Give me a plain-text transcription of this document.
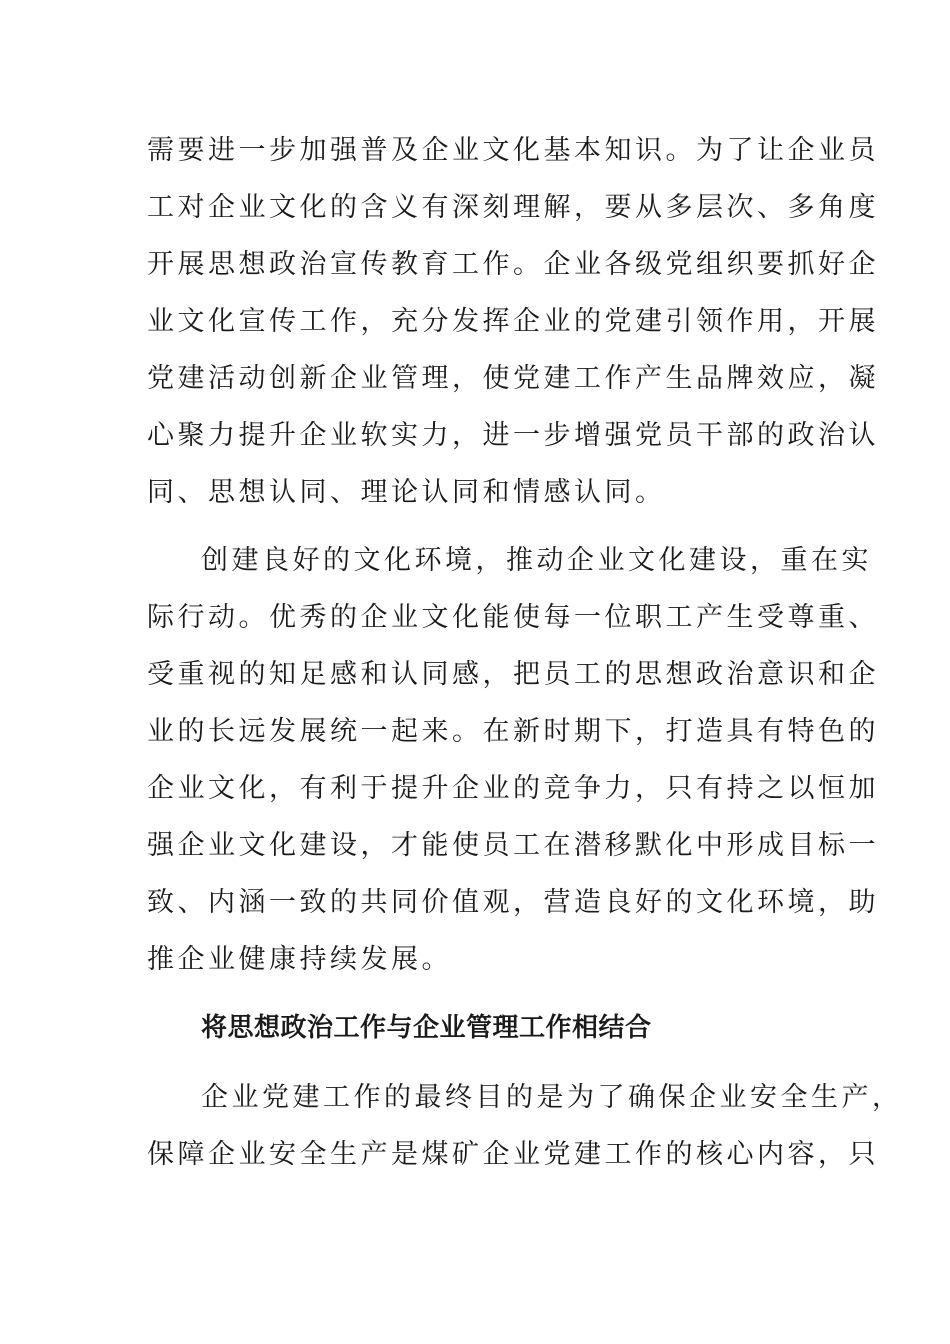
需要进一步加强普及企业文化基本知识。为了让企业员
工对企业文化的含义有深刻理解，要从多层次、多角度
开展思想政治宣传教育工作。企业各级党组织要抓好企
业文化宣传工作，充分发挥企业的党建引领作用，开展
党建活动创新企业管理，使党建工作产生品牌效应，凝
心聚力提升企业软实力，进一步增强党员干部的政治认
同、思想认同、理论认同和情感认同。

创建良好的文化环境，推动企业文化建设，重在实
际行动。优秀的企业文化能使每一位职工产生受尊重、
受重视的知足感和认同感，把员工的思想政治意识和企
业的长远发展统一起来。在新时期下，打造具有特色的
企业文化，有利于提升企业的竞争力，只有持之以恒加
强企业文化建设，才能使员工在潜移默化中形成目标一
致、内涵一致的共同价值观，营造良好的文化环境，助
推企业健康持续发展。

将思想政治工作与企业管理工作相结合

企业党建工作的最终目的是为了确保企业安全生产，
保障企业安全生产是煤矿企业党建工作的核心内容，只
